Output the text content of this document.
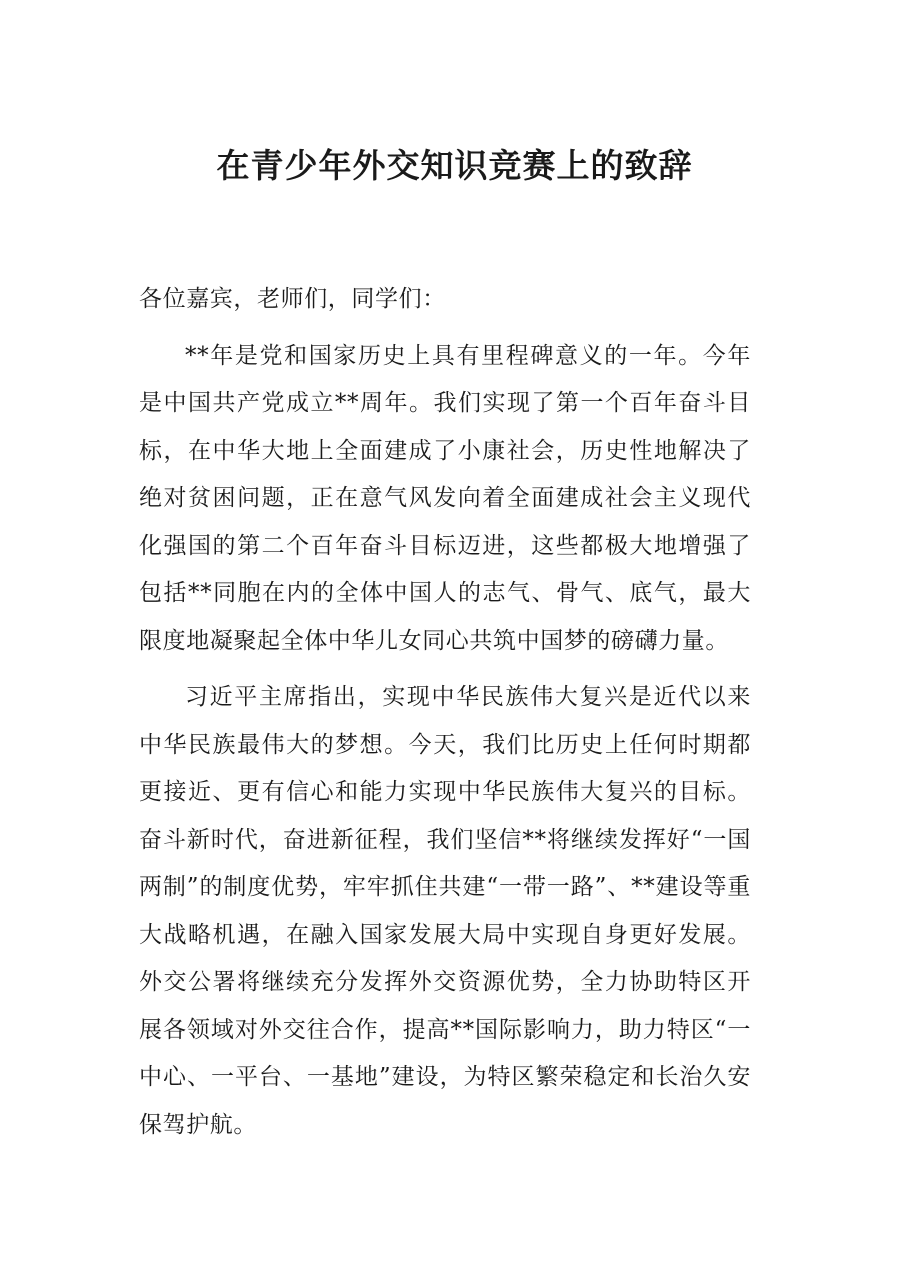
在青少年外交知识竞赛上的致辞

各位嘉宾，老师们，同学们：

**年是党和国家历史上具有里程碑意义的一年。今年是中国共产党成立**周年。我们实现了第一个百年奋斗目标，在中华大地上全面建成了小康社会，历史性地解决了绝对贫困问题，正在意气风发向着全面建成社会主义现代化强国的第二个百年奋斗目标迈进，这些都极大地增强了包括**同胞在内的全体中国人的志气、骨气、底气，最大限度地凝聚起全体中华儿女同心共筑中国梦的磅礴力量。

习近平主席指出，实现中华民族伟大复兴是近代以来中华民族最伟大的梦想。今天，我们比历史上任何时期都更接近、更有信心和能力实现中华民族伟大复兴的目标。奋斗新时代，奋进新征程，我们坚信**将继续发挥好“一国两制”的制度优势，牢牢抓住共建“一带一路”、**建设等重大战略机遇，在融入国家发展大局中实现自身更好发展。外交公署将继续充分发挥外交资源优势，全力协助特区开展各领域对外交往合作，提高**国际影响力，助力特区“一中心、一平台、一基地”建设，为特区繁荣稳定和长治久安保驾护航。
